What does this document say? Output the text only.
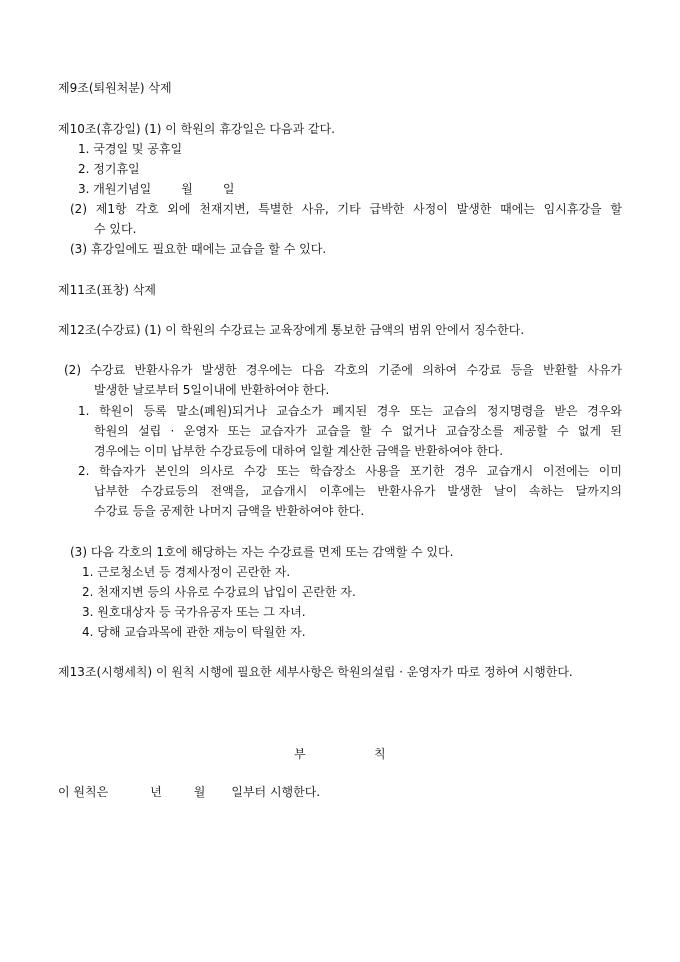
제9조(퇴원처분) 삭제
제10조(휴강일) (1) 이 학원의 휴강일은 다음과 같다.
1. 국경일 및 공휴일
2. 정기휴일
3. 개원기념일	월	일
(2) 제1항 각호 외에 천재지변, 특별한 사유, 기타 급박한 사정이 발생한 때에는 임시휴강을 할
수 있다.
(3) 휴강일에도 필요한 때에는 교습을 할 수 있다.
제11조(표창) 삭제
제12조(수강료) (1) 이 학원의 수강료는 교육장에게 통보한 금액의 범위 안에서 징수한다.
(2) 수강료 반환사유가 발생한 경우에는 다음 각호의 기준에 의하여 수강료 등을 반환할 사유가
발생한 날로부터 5일이내에 반환하여야 한다.
1. 학원이 등록 말소(폐원)되거나 교습소가 폐지된 경우 또는 교습의 정지명령을 받은 경우와
학원의 설립 · 운영자 또는 교습자가 교습을 할 수 없거나 교습장소를 제공할 수 없게 된
경우에는 이미 납부한 수강료등에 대하여 일할 계산한 금액을 반환하여야 한다.
2. 학습자가 본인의 의사로 수강 또는 학습장소 사용을 포기한 경우 교습개시 이전에는 이미
납부한 수강료등의 전액을, 교습개시 이후에는 반환사유가 발생한 날이 속하는 달까지의
수강료 등을 공제한 나머지 금액을 반환하여야 한다.
(3) 다음 각호의 1호에 해당하는 자는 수강료를 면제 또는 감액할 수 있다.
1. 근로청소년 등 경제사정이 곤란한 자.
2. 천재지변 등의 사유로 수강료의 납입이 곤란한 자.
3. 원호대상자 등 국가유공자 또는 그 자녀.
4. 당해 교습과목에 관한 재능이 탁월한 자.
제13조(시행세칙) 이 원칙 시행에 필요한 세부사항은 학원의설립 · 운영자가 따로 정하여 시행한다.
부	칙
이 원칙은	년	월 일부터 시행한다.
